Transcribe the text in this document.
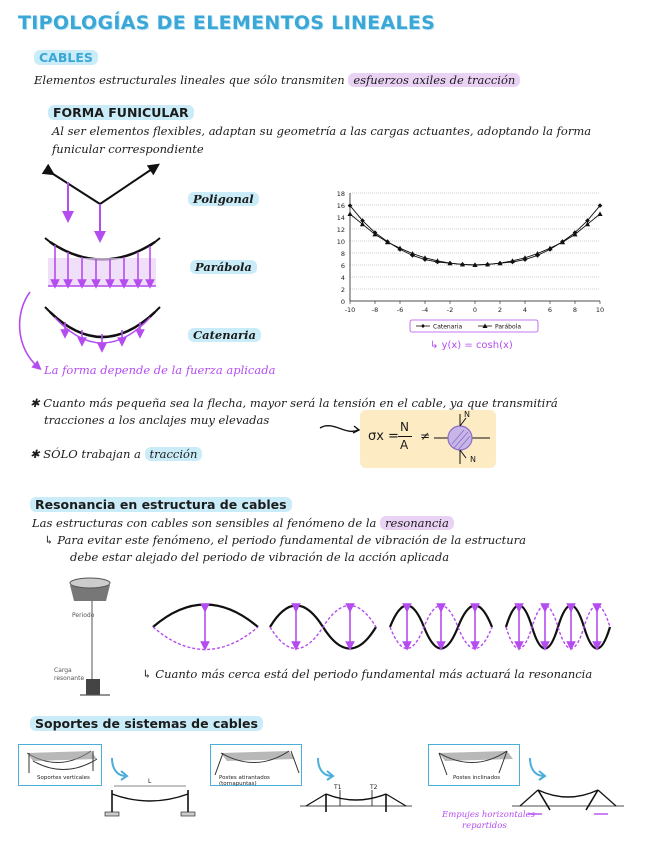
TIPOLOGÍAS DE ELEMENTOS LINEALES
CABLES
Elementos estructurales lineales que sólo transmiten esfuerzos axiles de tracción
FORMA FUNICULAR
Al ser elementos flexibles, adaptan su geometría a las cargas actuantes, adoptando la forma
funicular correspondiente
Poligonal
Parábola
Catenaria
La forma depende de la fuerza aplicada
0
2
4
6
8
10
12
14
16
18
-10	-8	-6	-4	-2	0	2	4	6	8	10
Catenaria	Parábola
↳ y(x) = cosh(x)
✱ Cuanto más pequeña sea la flecha, mayor será la tensión en el cable, ya que transmitirá
tracciones a los anclajes muy elevadas
✱ SÓLO trabajan a tracción
σx =
N
A
≠
N
N
Resonancia en estructura de cables
Las estructuras con cables son sensibles al fenómeno de la resonancia
↳ Para evitar este fenómeno, el periodo fundamental de vibración de la estructura
debe estar alejado del periodo de vibración de la acción aplicada
Periodo
Carga
resonante	↳ Cuanto más cerca está del periodo fundamental más actuará la resonancia
Soportes de sistemas de cables
Soportes verticales	L	Postes atirantados (tornapuntas)	T1	T2
Postes inclinados
Empujes horizontales
repartidos
